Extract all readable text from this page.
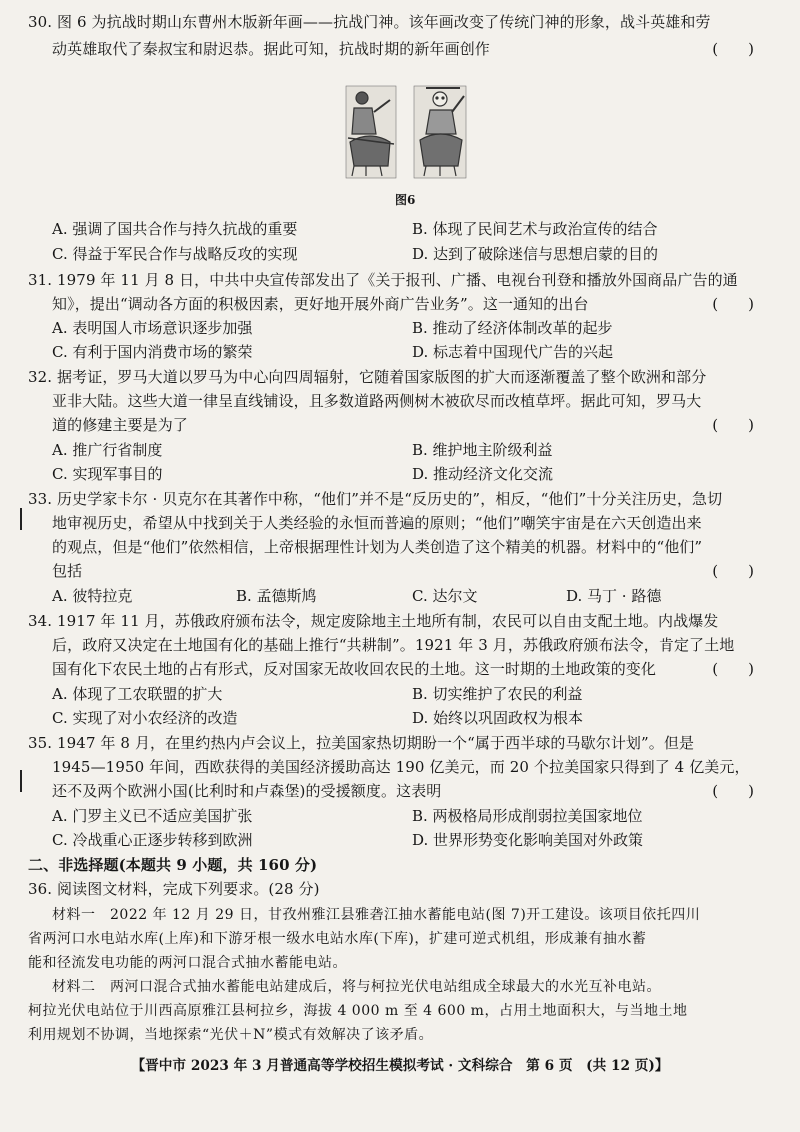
30. 图 6 为抗战时期山东曹州木版新年画——抗战门神。该年画改变了传统门神的形象，战斗英雄和劳
动英雄取代了秦叔宝和尉迟恭。据此可知，抗战时期的新年画创作	(　　)
图6
A. 强调了国共合作与持久抗战的重要	B. 体现了民间艺术与政治宣传的结合
C. 得益于军民合作与战略反攻的实现	D. 达到了破除迷信与思想启蒙的目的
31. 1979 年 11 月 8 日，中共中央宣传部发出了《关于报刊、广播、电视台刊登和播放外国商品广告的通
知》，提出“调动各方面的积极因素，更好地开展外商广告业务”。这一通知的出台	(　　)
A. 表明国人市场意识逐步加强	B. 推动了经济体制改革的起步
C. 有利于国内消费市场的繁荣	D. 标志着中国现代广告的兴起
32. 据考证，罗马大道以罗马为中心向四周辐射，它随着国家版图的扩大而逐渐覆盖了整个欧洲和部分
亚非大陆。这些大道一律呈直线铺设，且多数道路两侧树木被砍尽而改植草坪。据此可知，罗马大
道的修建主要是为了	(　　)
A. 推广行省制度	B. 维护地主阶级利益
C. 实现军事目的	D. 推动经济文化交流
33. 历史学家卡尔 · 贝克尔在其著作中称，“他们”并不是“反历史的”，相反，“他们”十分关注历史，急切
地审视历史，希望从中找到关于人类经验的永恒而普遍的原则；“他们”嘲笑宇宙是在六天创造出来
的观点，但是“他们”依然相信，上帝根据理性计划为人类创造了这个精美的机器。材料中的“他们”
包括	(　　)
A. 彼特拉克	B. 孟德斯鸠	C. 达尔文	D. 马丁 · 路德
34. 1917 年 11 月，苏俄政府颁布法令，规定废除地主土地所有制，农民可以自由支配土地。内战爆发
后，政府又决定在土地国有化的基础上推行“共耕制”。1921 年 3 月，苏俄政府颁布法令，肯定了土地
国有化下农民土地的占有形式，反对国家无故收回农民的土地。这一时期的土地政策的变化	(　　)
A. 体现了工农联盟的扩大	B. 切实维护了农民的利益
C. 实现了对小农经济的改造	D. 始终以巩固政权为根本
35. 1947 年 8 月，在里约热内卢会议上，拉美国家热切期盼一个“属于西半球的马歇尔计划”。但是
1945—1950 年间，西欧获得的美国经济援助高达 190 亿美元，而 20 个拉美国家只得到了 4 亿美元，
还不及两个欧洲小国(比利时和卢森堡)的受援额度。这表明	(　　)
A. 门罗主义已不适应美国扩张	B. 两极格局形成削弱拉美国家地位
C. 冷战重心正逐步转移到欧洲	D. 世界形势变化影响美国对外政策
二、非选择题(本题共 9 小题，共 160 分)
36. 阅读图文材料，完成下列要求。(28 分)
材料一　2022 年 12 月 29 日，甘孜州雅江县雅砻江抽水蓄能电站(图 7)开工建设。该项目依托四川
省两河口水电站水库(上库)和下游牙根一级水电站水库(下库)，扩建可逆式机组，形成兼有抽水蓄
能和径流发电功能的两河口混合式抽水蓄能电站。
材料二　两河口混合式抽水蓄能电站建成后，将与柯拉光伏电站组成全球最大的水光互补电站。
柯拉光伏电站位于川西高原雅江县柯拉乡，海拔 4 000 m 至 4 600 m，占用土地面积大，与当地土地
利用规划不协调，当地探索“光伏＋N”模式有效解决了该矛盾。
【晋中市 2023 年 3 月普通高等学校招生模拟考试 · 文科综合　第 6 页　(共 12 页)】
